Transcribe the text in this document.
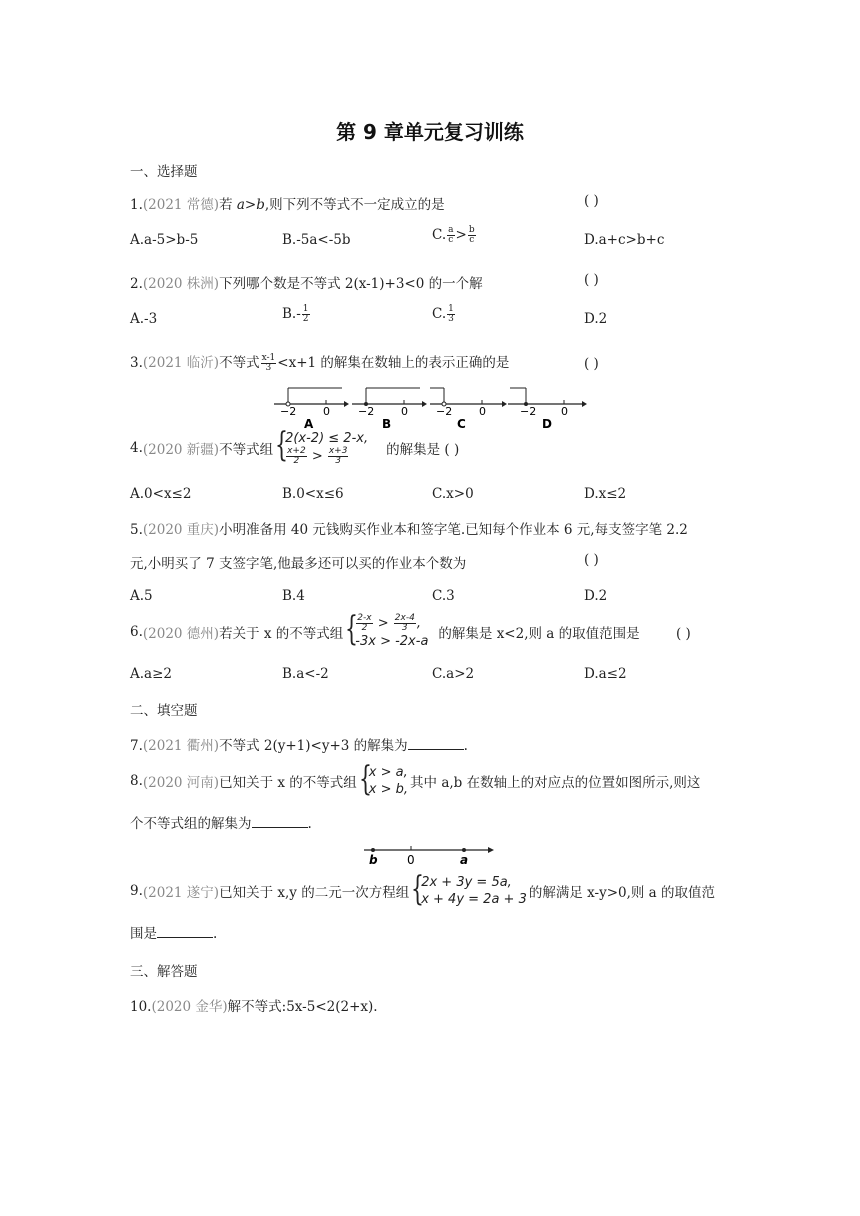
第 9 章单元复习训练
一、选择题
1.(2021 常德)若 a>b,则下列不等式不一定成立的是	( )
A.a-5>b-5	B.-5a<-5b	C. $\frac{a}{c} > \frac{b}{c}$	D.a+c>b+c
2.(2020 株洲)下列哪个数是不等式 2(x-1)+3<0 的一个解	( )
A.-3	$B.- \frac{1}{2}$	C. $\frac{1}{3}$	D.2
3.(2021 临沂)不等式 $\frac{x-1}{3} <x+1$ 的解集在数轴上的表示正确的是	( )
−2 0
A
−2 0
B
−2 0
C
−2 0
D
4.(2020 新疆)不等式组 {
2(x-2) ≤ 2-x,
$\frac{x+2}{2} > \frac{x+3}{3}$	的解集是 ( )
A.0<x≤2	B.0<x≤6	C.x>0	D.x≤2
5.(2020 重庆)小明准备用 40 元钱购买作业本和签字笔.已知每个作业本 6 元,每支签字笔 2.2
元,小明买了 7 支签字笔,他最多还可以买的作业本个数为	( )
A.5	B.4	C.3	D.2
6.(2020 德州)若关于 x 的不等式组 {
$\frac{2-x}{2} > \frac{2x-4}{3}$ ,
-3x > -2x-a 的解集是 x<2,则 a 的取值范围是	( )
A.a≥2	B.a<-2	C.a>2	D.a≤2
二、填空题
7.(2021 衢州)不等式 2(y+1)<y+3 的解集为	.
8.(2020 河南)已知关于 x 的不等式组 {
x > a,
x > b, 其中 a,b 在数轴上的对应点的位置如图所示,则这
个不等式组的解集为	.
b 0	a
9.(2021 遂宁)已知关于 x,y 的二元一次方程组 {
2x + 3y = 5a,
x + 4y = 2a + 3 的解满足 x-y>0,则 a 的取值范
围是	.
三、解答题
10.(2020 金华)解不等式:5x-5<2(2+x).
